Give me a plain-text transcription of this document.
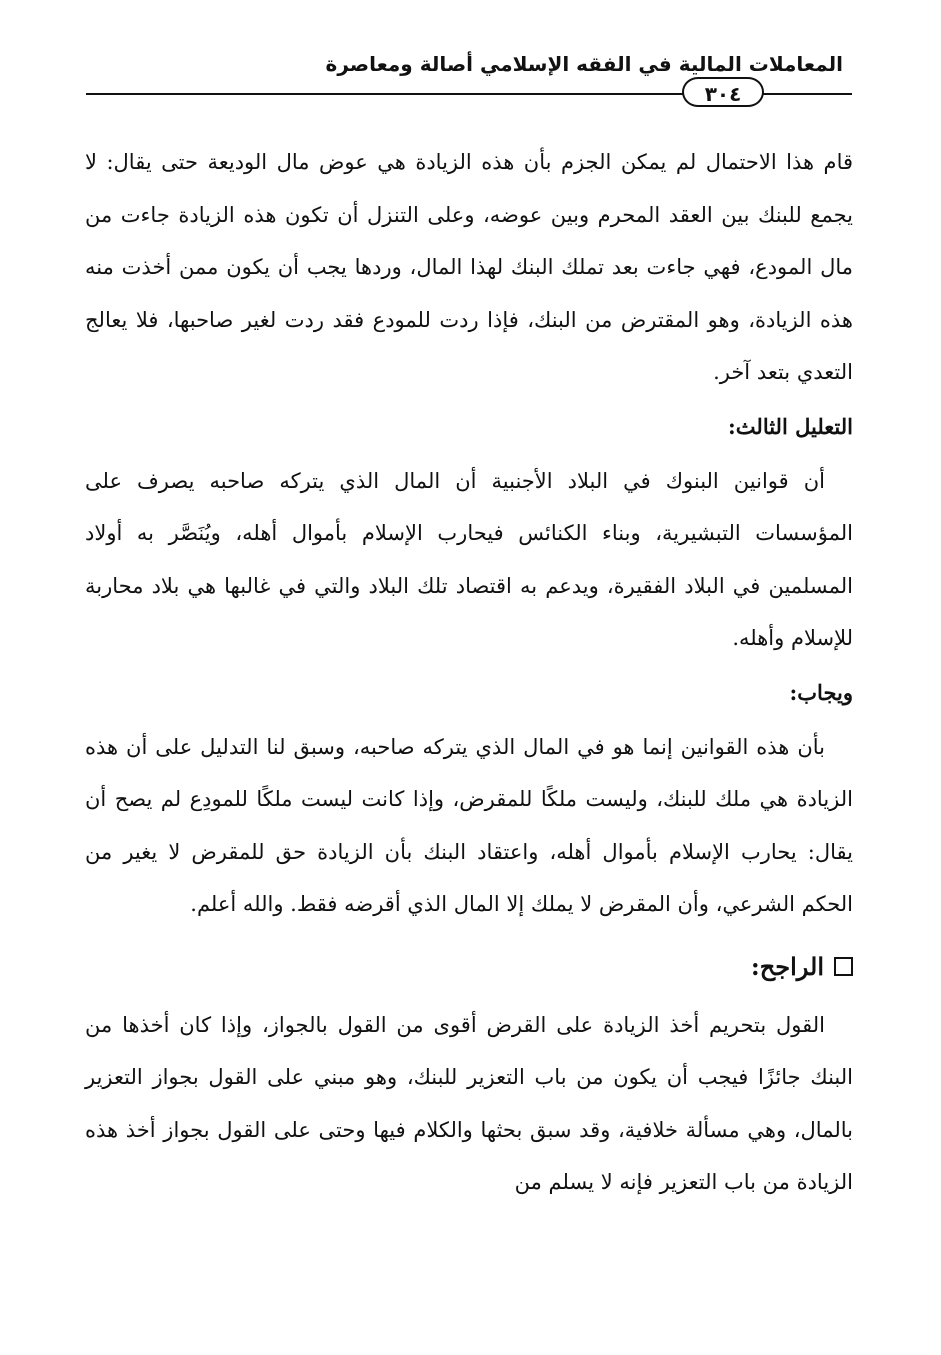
المعاملات المالية في الفقه الإسلامي أصالة ومعاصرة
٣٠٤

قام هذا الاحتمال لم يمكن الجزم بأن هذه الزيادة هي عوض مال الوديعة حتى يقال: لا يجمع للبنك بين العقد المحرم وبين عوضه، وعلى التنزل أن تكون هذه الزيادة جاءت من مال المودع، فهي جاءت بعد تملك البنك لهذا المال، وردها يجب أن يكون ممن أخذت منه هذه الزيادة، وهو المقترض من البنك، فإذا ردت للمودع فقد ردت لغير صاحبها، فلا يعالج التعدي بتعد آخر.

التعليل الثالث:

أن قوانين البنوك في البلاد الأجنبية أن المال الذي يتركه صاحبه يصرف على المؤسسات التبشيرية، وبناء الكنائس فيحارب الإسلام بأموال أهله، ويُنَصَّر به أولاد المسلمين في البلاد الفقيرة، ويدعم به اقتصاد تلك البلاد والتي في غالبها هي بلاد محاربة للإسلام وأهله.

ويجاب:

بأن هذه القوانين إنما هو في المال الذي يتركه صاحبه، وسبق لنا التدليل على أن هذه الزيادة هي ملك للبنك، وليست ملكًا للمقرض، وإذا كانت ليست ملكًا للمودِع لم يصح أن يقال: يحارب الإسلام بأموال أهله، واعتقاد البنك بأن الزيادة حق للمقرض لا يغير من الحكم الشرعي، وأن المقرض لا يملك إلا المال الذي أقرضه فقط. والله أعلم.

الراجح:

القول بتحريم أخذ الزيادة على القرض أقوى من القول بالجواز، وإذا كان أخذها من البنك جائزًا فيجب أن يكون من باب التعزير للبنك، وهو مبني على القول بجواز التعزير بالمال، وهي مسألة خلافية، وقد سبق بحثها والكلام فيها وحتى على القول بجواز أخذ هذه الزيادة من باب التعزير فإنه لا يسلم من
